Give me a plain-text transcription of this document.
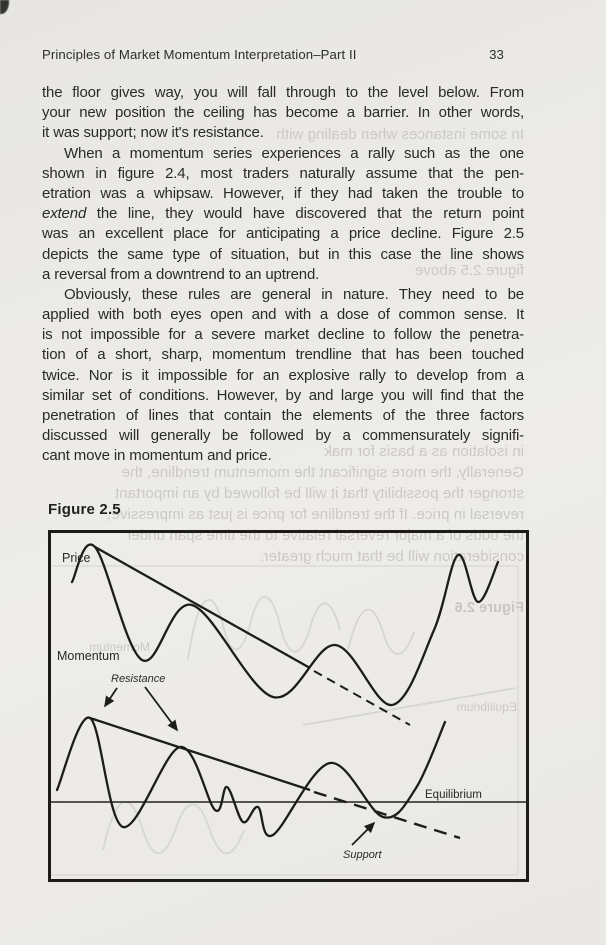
In some instances when dealing with
figure 2.5 above
in isolation as a basis for mak
Generally, the more significant the momentum trendline, the
stronger the possibility that it will be followed by an important
reversal in price. If the trendline for price is just as impressive,
the odds of a major reversal relative to the time span under
consideration will be that much greater.
Figure 2.6
Momentum
Equilibrium
Principles of Market Momentum Interpretation–Part II	33
the floor gives way, you will fall through to the level below. From
your new position the ceiling has become a barrier. In other words,
it was support; now it's resistance.
When a momentum series experiences a rally such as the one
shown in figure 2.4, most traders naturally assume that the pen-
etration was a whipsaw. However, if they had taken the trouble to
extend the line, they would have discovered that the return point
was an excellent place for anticipating a price decline. Figure 2.5
depicts the same type of situation, but in this case the line shows
a reversal from a downtrend to an uptrend.
Obviously, these rules are general in nature. They need to be
applied with both eyes open and with a dose of common sense. It
is not impossible for a severe market decline to follow the penetra-
tion of a short, sharp, momentum trendline that has been touched
twice. Nor is it impossible for an explosive rally to develop from a
similar set of conditions. However, by and large you will find that the
penetration of lines that contain the elements of the three factors
discussed will generally be followed by a commensurately signifi-
cant move in momentum and price.
Figure 2.5
Price
Momentum
Resistance
Equilibrium
Support
